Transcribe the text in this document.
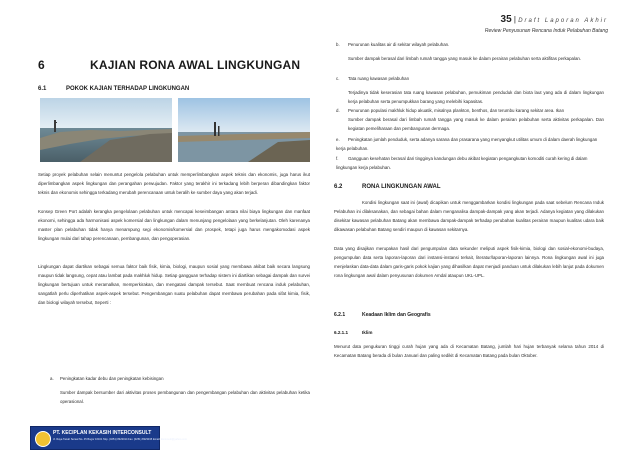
35 | Draft Laporan Akhir
Review Penyusunan Rencana Induk Pelabuhan Batang
6	KAJIAN RONA AWAL LINGKUNGAN
6.1	POKOK KAJIAN TERHADAP LINGKUNGAN

Setiap proyek pelabuhan selain menuntut pengelola pelabuhan untuk memperlimbangkan aspek teknis dan ekonomis, juga harus ikut diperlimbangkan aspek lingkungan dan perangahan perwujudan. Faktor yang terakhir ini terkadang lebih berperan dibandingkan faktor teknis dan ekonomis sehingga terkadang merubah perencanaan untuk beralih ke sumber daya yang akan terjadi.

Konsep Green Port adalah kerangka pengelolaan pelabuhan untuk mencapai keseimbangan antara nilai biaya lingkungan dan manfaat ekonomi, sehingga ada harmonisasi aspek komersial dan lingkungan dalam menunjang pengelolaan yang berkelanjutan. Oleh karenanya master plan pelabuhan tidak hanya menampung segi ekonomis/komersial dan prospek, tetapi juga harus mengakomodasi aspek lingkungan mulai dari tahap perencanaan, pembangunan, dan pengoperasian.

Lingkungan dapat diartikan sebagai semua faktor baik fisik, kimia, biologi, maupun sosial yang membawa akibat baik secara langsung maupun tidak langsung, cepat atau lambat pada makhluk hidup. Setiap gangguan terhadap sistem ini diartikan sebagai dampak dan survei lingkungan bertujuan untuk meramalkan, memperkirakan, dan mengatasi dampak tersebut. Saat membuat rencana induk pelabuhan, sangatlah perlu diperhatikan aspek-aspek tersebut. Pengembangan suatu pelabuhan dapat membawa perubahan pada sifat kimia, fisik, dan biologi wilayah tersebut, Seperti :

a. Peningkatan kadar debu dan peningkatan kebisingan
Sumber dampak bersumber dari aktivitas proses pembangunan dan pengembangan pelabuhan dan aktivitas pelabuhan ketika operasional.
PT. KECIPLAN KEKASIH INTERCONSULT
Jl. Raya Tanah Sereal No. 45 Bogor 16161 Telp. (0251) 8323014 Fax. (0251) 8323015 Email: kkconsult@yahoo.com
b. Penurunan kualitas air di sekitar wilayah pelabuhan.
Sumber dampak berasal dari limbah rumah tangga yang masuk ke dalam perairan pelabuhan serta aktifitas perkapalan.
c. Tata ruang kawasan pelabuhan
Terjadinya tidak keserasian tata ruang kawasan pelabuhan, pemukiman penduduk dan biota laut yang ada di dalam lingkungan kerja pelabuhan serta penumpukkan barang yang melebihi kapasitas.
d. Penurunan populasi makhluk hidup akuatik, misalnya plankton, benthos, dan terumbu karang sekitar area. Ikan
Sumber dampak berasal dari limbah rumah tangga yang masuk ke dalam perairan pelabuhan serta aktivitas perkapalan. Dan kegiatan pemeliharaan dan pembangunan dermaga.
e. Peningkatan jumlah penduduk, serta adanya sarana dan prasarana yang menyangkut utilitas umum di dalam daerah lingkungan kerja pelabuhan.
f. Gangguan kesehatan berasal dari tingginya kandungan debu akibat kegiatan pengangkutan komoditi curah kering di dalam lingkungan kerja pelabuhan.
6.2	RONA LINGKUNGAN AWAL
Kondisi lingkungan saat ini (awal) dicapikan untuk menggambarkan kondisi lingkungan pada saat sebelum Rencana Induk Pelabuhan ini dilaksanakan, dan sebagai bahan dalam menganalisa dampak-dampak yang akan terjadi. Adanya kegiatan yang dilakukan disekitar kawasan pelabuhan Batang akan membawa dampak-dampak terhadap perubahan kualitas perairan maupun kualitas udara baik dikawasan pelabuhan Batang sendiri maupun di kawasan sekitarnya.
Data yang disajikan merupakan hasil dari pengumpulan data sekunder meliputi aspek fisik-kimia, biologi dan sosial-ekonomi-budaya, pengumpulan data serta laporan-laporan dari instansi-instansi terkait, literatur/laporan-laporan lainnya. Rona lingkungan awal ini juga menjelaskan data-data dalam garis-garis pokok kajian yang dihasilkan dapat menjadi panduan untuk dilakukan lebih lanjut pada dokumen rona lingkungan awal dalam penyusunan dokumen Amdal ataupun UKL-UPL.
6.2.1	Keadaan Iklim dan Geografis
6.2.1.1	Iklim
Menurut data pengukuran tinggi curah hujan yang ada di Kecamatan Batang, jumlah hari hujan terbanyak selama tahun 2014 di Kecamatan Batang berada di bulan Januari dan paling sedikit di Kecamatan Batang pada bulan Oktober.
